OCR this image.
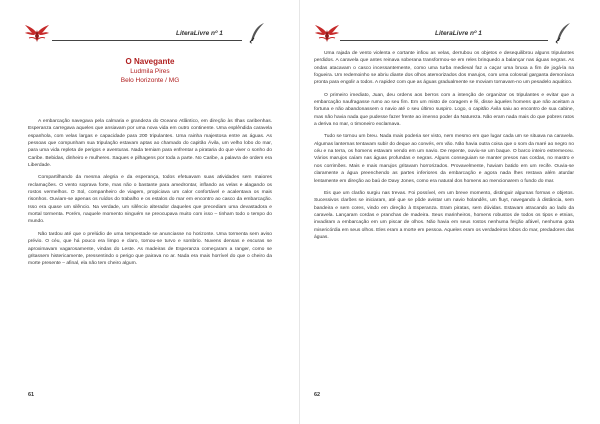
LiteraLivre nº 1

O Navegante

Ludmila Pires

Belo Horizonte / MG

A embarcação navegava pela calmaria e grandeza do Oceano Atlântico, em direção às Ilhas caribenhas. Esperanza carregava aqueles que ansiavam por uma nova vida em outro continente. Uma esplêndida caravela espanhola, com velas largas e capacidade para 200 tripulantes. Uma rainha majestosa entre as águas. As pessoas que compunham sua tripulação estavam aptas ao chamado do capitão Ávila, um velho lobo do mar, para uma vida repleta de perigos e aventuras. Nada temiam para enfrentar a pirataria do que viver o sonho do Caribe. Bebidas, dinheiro e mulheres. Saques e pilhagens por toda a parte. No Caribe, a palavra de ordem era Liberdade.

Compartilhando da mesma alegria e da esperança, todos efetuavam suas atividades sem maiores reclamações. O vento soprava forte, mas não o bastante para amedrontar, inflando as velas e alagando os rostos vermelhos. O Sol, companheiro de viagem, propiciava um calor confortável e acalentava os mais risonhos. Ouviam-se apenas os ruídos do trabalho e os estalos do mar em encontro ao casco da embarcação. Isso era quase um silêncio. Na verdade, um silêncio alterador daqueles que precediam uma devastadora e mortal tormenta. Porém, naquele momento ninguém se preocupava muito com isso – tinham todo o tempo do mundo.

Não tardou até que o prelúdio de uma tempestade se anunciasse no horizonte. Uma tormenta sem aviso prévio. O céu, que há pouco era limpo e claro, tornou-se turvo e sombrio. Nuvens densas e escuras se aproximavam vagarosamente, vindas do Leste. As madeiras de Esperanza começaram a ranger, como se gritassem histericamente, pressentindo o perigo que pairava no ar. Nada era mais horrível do que o cheiro da morte presente – afinal, ela não tem cheiro algum.

61
LiteraLivre nº 1

Uma rajada de vento violenta e cortante infiou as velas, derrubou os objetos e desequilibrou alguns tripulantes perdidos. A caravela que antes reinava soberana transformou-se em reles brinquedo a balançar nas águas negras. As ondas atacavam o casco incessantemente, como uma turba medieval faz a caçar uma bruxa a fim de jogá-la na fogueira. Um redemoinho se abriu diante dos olhos atemorizados dos marujos, com uma colossal garganta demoníaca pronta para engolir a todos. A rapidez com que as águas gradualmente se moviam tornavam-no um pesadelo aquático.

O primeiro imediato, Juan, deu ordens aos berros com a intenção de organizar os tripulantes e evitar que a embarcação naufragasse rumo ao seu fim. Em um misto de coragem e fé, disse àqueles homens que não aceitam a fortuna e não abandonassem o navio até o seu último suspiro. Logo, o capitão Ávila saiu ao encontro de sua cabine, mas não havia nada que pudesse fazer frente ao imenso poder da Natureza. Não eram nada mais do que pobres ratos a deriva no mar, o timoneiro exclamava.

Tudo se tornou um breu. Nada mais poderia ser visto, nem mesmo em que lugar cada um se situava na caravela. Algumas lanternas tentavam subir do deque ao convés, em vão. Não havia outra coisa que o som da maré ao negro no céu e na terra, os homens estavam vendo em um navio. De repente, ouviu-se um baque. O barco inteiro estremeceu. Vários marujos caíam nas águas profundas e negras. Alguns conseguiam se manter presos nas cordas, no mastro e nos corrimões. Mais e mais marujos gritavam horrorizados. Provavelmente, haviam batido em um recife. Ouvia-se claramente a água preenchendo as partes inferiores da embarcação e agora nada lhes restava além aturdar lentamente em direção ao baú de Davy Jones, como era natural dos homens ao mencionarem o fundo do mar.

Eis que um clarão surgiu nas trevas. Foi possível, em um breve momento, distinguir algumas formas e objetos. Sucessivos clarões se iniciaram, até que se pôde avistar um navio holandês, um fluyt, navegando à distância, sem bandeira e sem cores, vindo em direção à Esperanza. Eram piratas, sem dúvidas. Estavam atracando ao lado da caravela. Lançaram cordas e pranchas de madeira. Seus marinheiros, homens robustos de todos os tipos e etnias, invadiram a embarcação em um piscar de olhos. Não havia em seus rostos nenhuma feição afável, nenhuma gota misericórdia em seus olhos. Eles eram a morte em pessoa. Aqueles eram os verdadeiros lobos do mar, predadores das águas.

62
